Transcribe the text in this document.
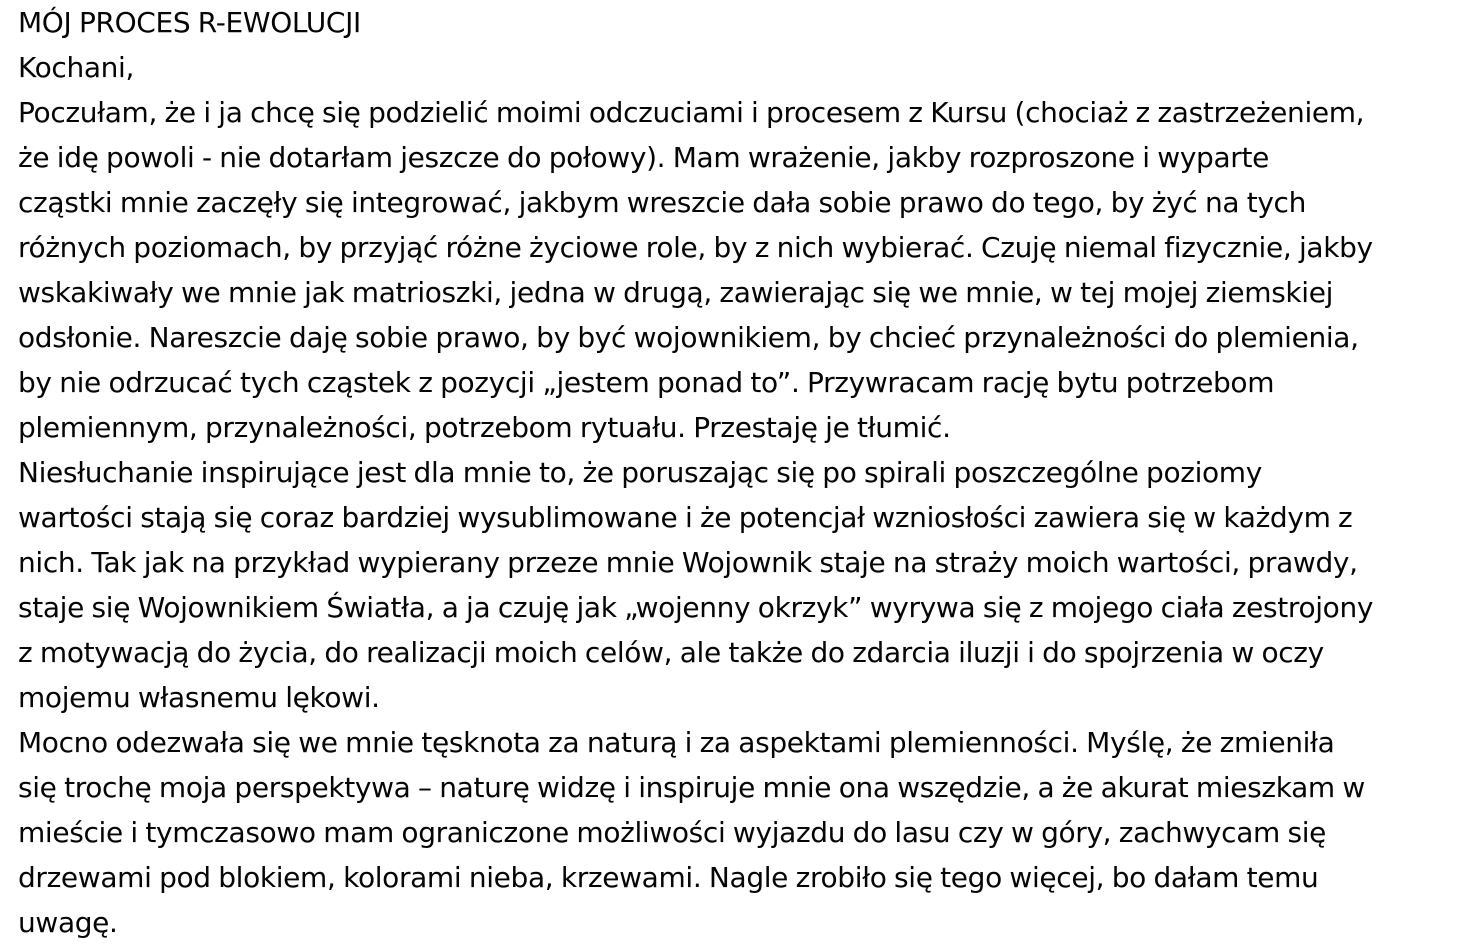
MÓJ PROCES R-EWOLUCJI
Kochani,
Poczułam, że i ja chcę się podzielić moimi odczuciami i procesem z Kursu (chociaż z zastrzeżeniem,
że idę powoli - nie dotarłam jeszcze do połowy). Mam wrażenie, jakby rozproszone i wyparte
cząstki mnie zaczęły się integrować, jakbym wreszcie dała sobie prawo do tego, by żyć na tych
różnych poziomach, by przyjąć różne życiowe role, by z nich wybierać. Czuję niemal fizycznie, jakby
wskakiwały we mnie jak matrioszki, jedna w drugą, zawierając się we mnie, w tej mojej ziemskiej
odsłonie. Nareszcie daję sobie prawo, by być wojownikiem, by chcieć przynależności do plemienia,
by nie odrzucać tych cząstek z pozycji „jestem ponad to”. Przywracam rację bytu potrzebom
plemiennym, przynależności, potrzebom rytuału. Przestaję je tłumić.
Niesłuchanie inspirujące jest dla mnie to, że poruszając się po spirali poszczególne poziomy
wartości stają się coraz bardziej wysublimowane i że potencjał wzniosłości zawiera się w każdym z
nich. Tak jak na przykład wypierany przeze mnie Wojownik staje na straży moich wartości, prawdy,
staje się Wojownikiem Światła, a ja czuję jak „wojenny okrzyk” wyrywa się z mojego ciała zestrojony
z motywacją do życia, do realizacji moich celów, ale także do zdarcia iluzji i do spojrzenia w oczy
mojemu własnemu lękowi.
Mocno odezwała się we mnie tęsknota za naturą i za aspektami plemienności. Myślę, że zmieniła
się trochę moja perspektywa – naturę widzę i inspiruje mnie ona wszędzie, a że akurat mieszkam w
mieście i tymczasowo mam ograniczone możliwości wyjazdu do lasu czy w góry, zachwycam się
drzewami pod blokiem, kolorami nieba, krzewami. Nagle zrobiło się tego więcej, bo dałam temu
uwagę.
